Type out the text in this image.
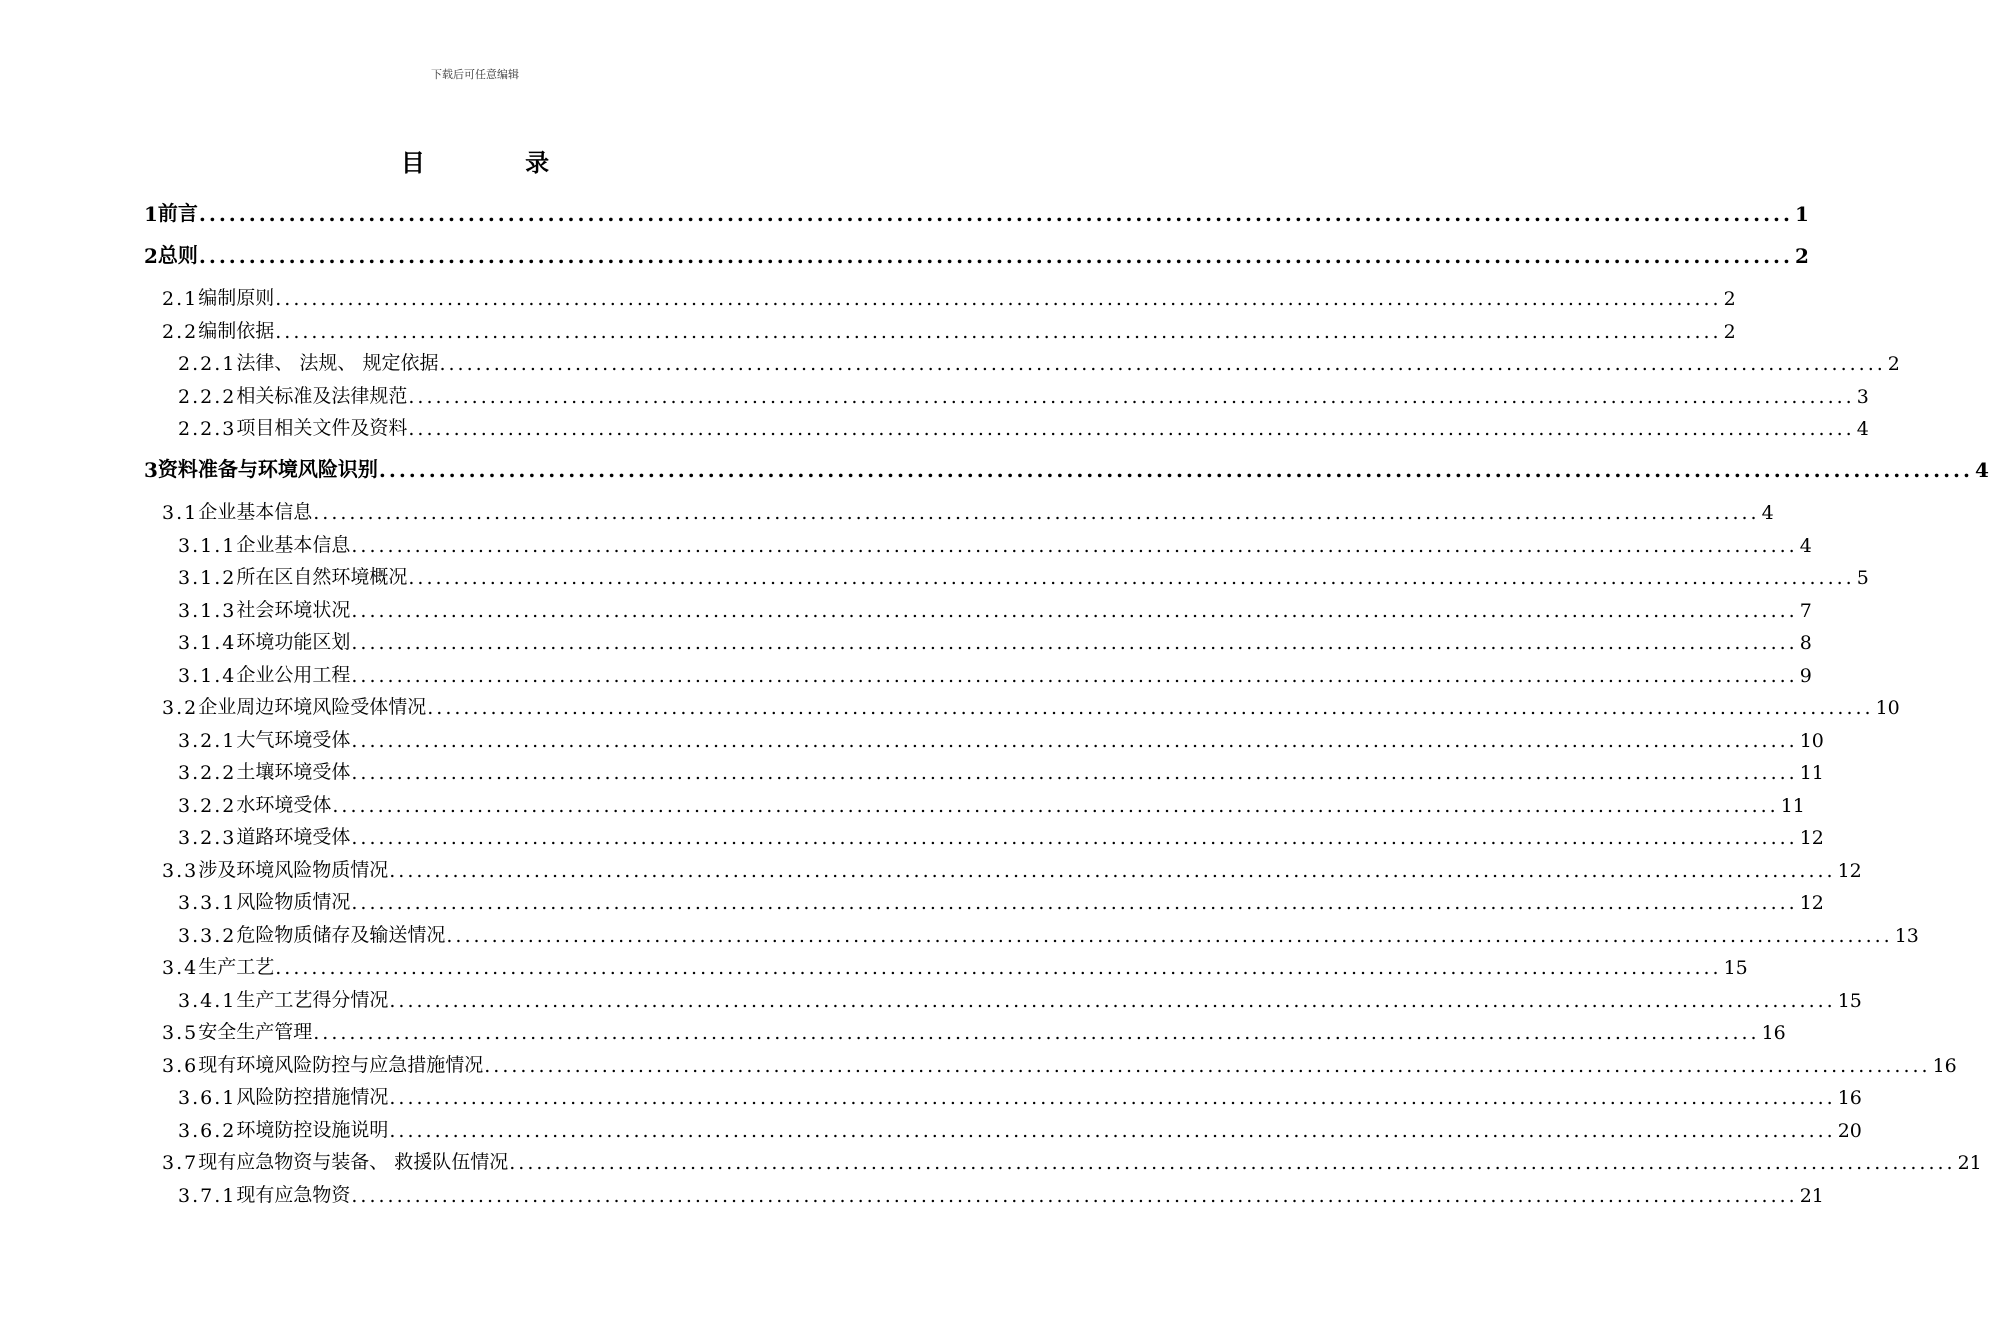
下载后可任意编辑
目 录
1 前言 ................................................................................................................................................................ 1
2 总则 ................................................................................................................................................................ 2
2.1 编制原则 ................................................................................................................................................................ 2
2.2 编制依据 ................................................................................................................................................................ 2
2.2.1 法律、 法规、 规定依据 ................................................................................................................................................................ 2
2.2.2 相关标准及法律规范 ................................................................................................................................................................ 3
2.2.3 项目相关文件及资料 ................................................................................................................................................................ 4
3 资料准备与环境风险识别 ................................................................................................................................................................ 4
3.1 企业基本信息 ................................................................................................................................................................ 4
3.1.1 企业基本信息 ................................................................................................................................................................ 4
3.1.2 所在区自然环境概况 ................................................................................................................................................................ 5
3.1.3 社会环境状况 ................................................................................................................................................................ 7
3.1.4 环境功能区划 ................................................................................................................................................................ 8
3.1.4 企业公用工程 ................................................................................................................................................................ 9
3.2 企业周边环境风险受体情况 ................................................................................................................................................................ 10
3.2.1 大气环境受体 ................................................................................................................................................................ 10
3.2.2 土壤环境受体 ................................................................................................................................................................ 11
3.2.2 水环境受体 ................................................................................................................................................................ 11
3.2.3 道路环境受体 ................................................................................................................................................................ 12
3.3 涉及环境风险物质情况 ................................................................................................................................................................ 12
3.3.1 风险物质情况 ................................................................................................................................................................ 12
3.3.2 危险物质储存及输送情况 ................................................................................................................................................................ 13
3.4 生产工艺 ................................................................................................................................................................ 15
3.4.1 生产工艺得分情况 ................................................................................................................................................................ 15
3.5 安全生产管理 ................................................................................................................................................................ 16
3.6 现有环境风险防控与应急措施情况 ................................................................................................................................................................ 16
3.6.1 风险防控措施情况 ................................................................................................................................................................ 16
3.6.2 环境防控设施说明 ................................................................................................................................................................ 20
3.7 现有应急物资与装备、 救援队伍情况 ................................................................................................................................................................ 21
3.7.1 现有应急物资 ................................................................................................................................................................ 21
